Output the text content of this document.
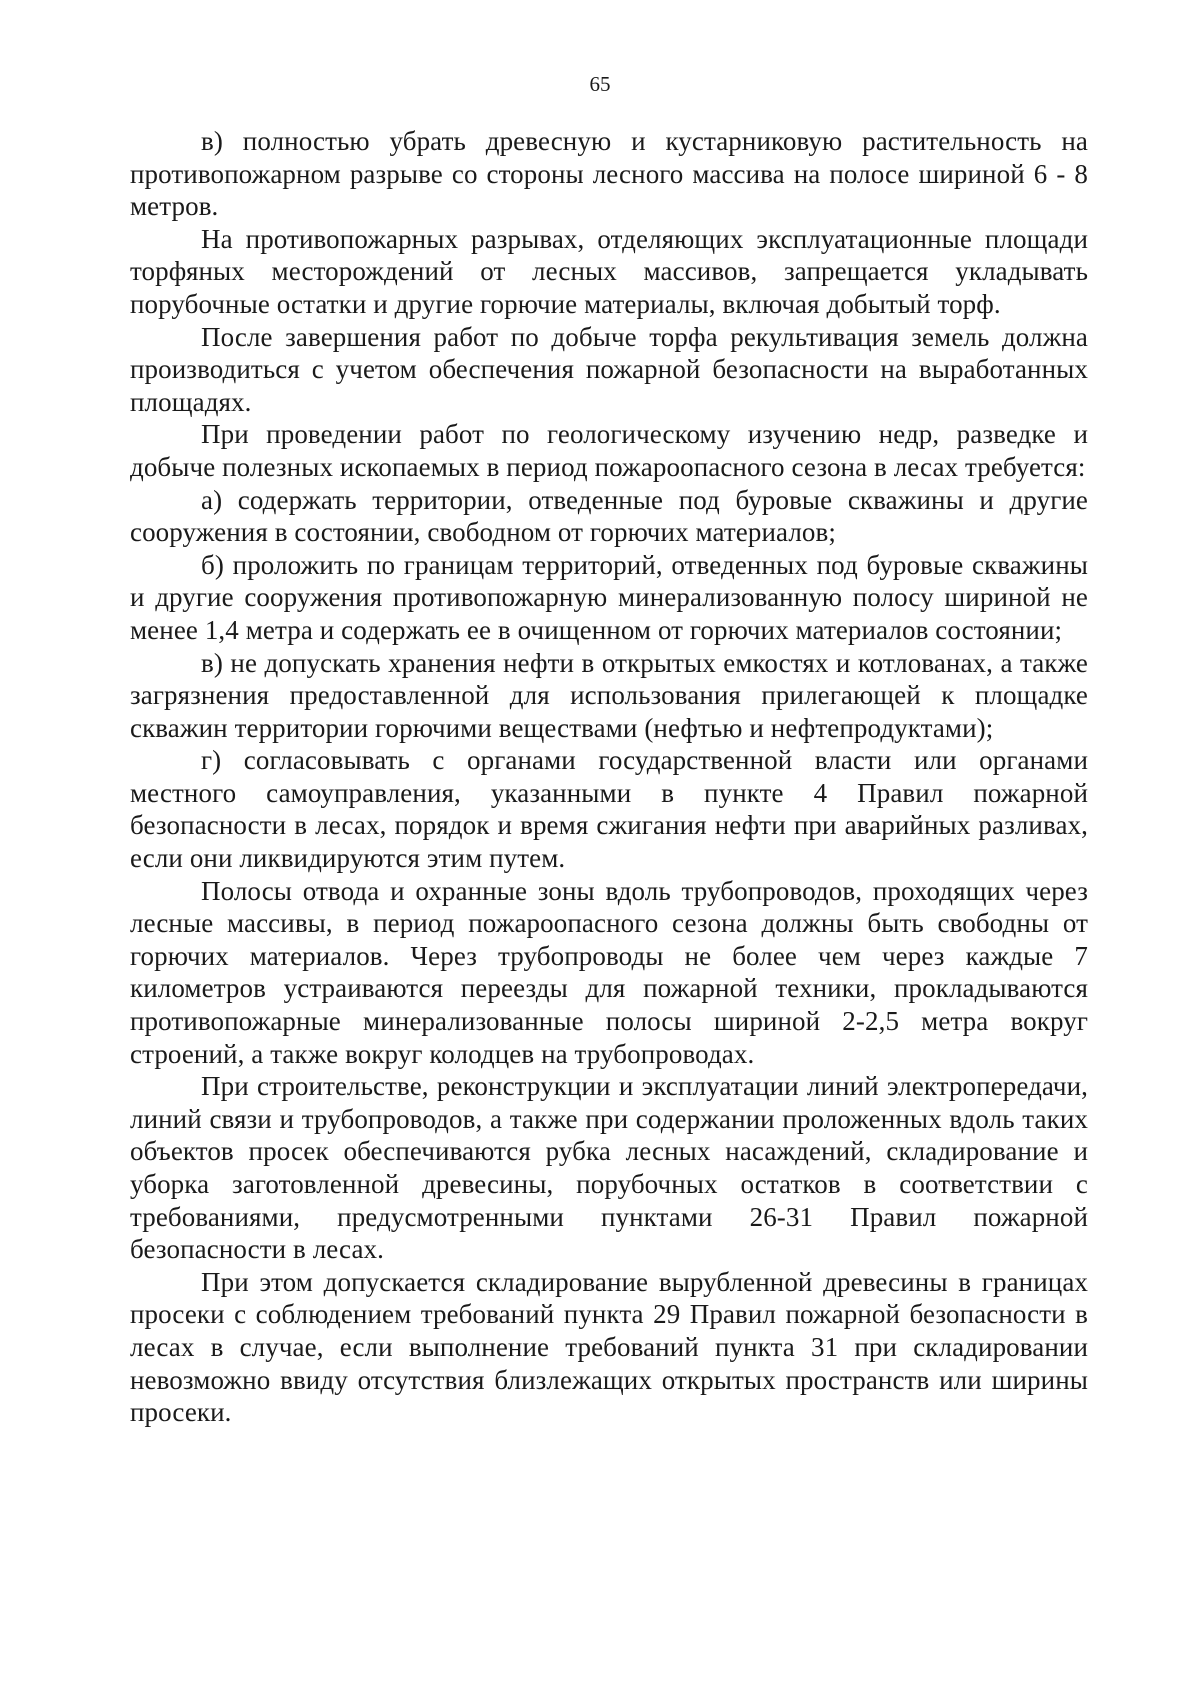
65

в) полностью убрать древесную и кустарниковую растительность на противопожарном разрыве со стороны лесного массива на полосе шириной 6 - 8 метров.

На противопожарных разрывах, отделяющих эксплуатационные площади торфяных месторождений от лесных массивов, запрещается укладывать порубочные остатки и другие горючие материалы, включая добытый торф.

После завершения работ по добыче торфа рекультивация земель должна производиться с учетом обеспечения пожарной безопасности на выработанных площадях.

При проведении работ по геологическому изучению недр, разведке и добыче полезных ископаемых в период пожароопасного сезона в лесах требуется:

а) содержать территории, отведенные под буровые скважины и другие сооружения в состоянии, свободном от горючих материалов;

б) проложить по границам территорий, отведенных под буровые скважины и другие сооружения противопожарную минерализованную полосу шириной не менее 1,4 метра и содержать ее в очищенном от горючих материалов состоянии;

в) не допускать хранения нефти в открытых емкостях и котлованах, а также загрязнения предоставленной для использования прилегающей к площадке скважин территории горючими веществами (нефтью и нефтепродуктами);

г) согласовывать с органами государственной власти или органами местного самоуправления, указанными в пункте 4 Правил пожарной безопасности в лесах, порядок и время сжигания нефти при аварийных разливах, если они ликвидируются этим путем.

Полосы отвода и охранные зоны вдоль трубопроводов, проходящих через лесные массивы, в период пожароопасного сезона должны быть свободны от горючих материалов. Через трубопроводы не более чем через каждые 7 километров устраиваются переезды для пожарной техники, прокладываются противопожарные минерализованные полосы шириной 2-2,5 метра вокруг строений, а также вокруг колодцев на трубопроводах.

При строительстве, реконструкции и эксплуатации линий электропередачи, линий связи и трубопроводов, а также при содержании проложенных вдоль таких объектов просек обеспечиваются рубка лесных насаждений, складирование и уборка заготовленной древесины, порубочных остатков в соответствии с требованиями, предусмотренными пунктами 26-31 Правил пожарной безопасности в лесах.

При этом допускается складирование вырубленной древесины в границах просеки с соблюдением требований пункта 29 Правил пожарной безопасности в лесах в случае, если выполнение требований пункта 31 при складировании невозможно ввиду отсутствия близлежащих открытых пространств или ширины просеки.
